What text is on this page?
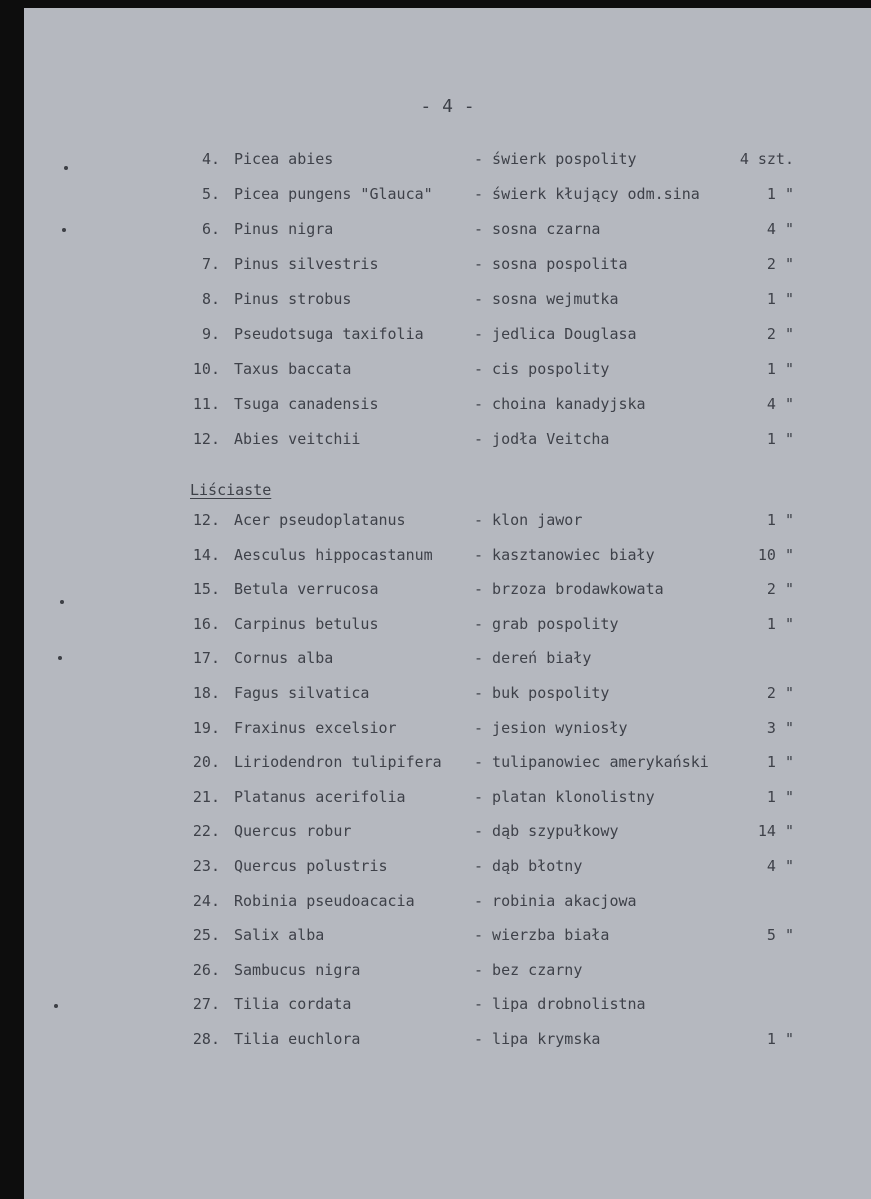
- 4 -
4. Picea abies	- świerk pospolity	4 szt.
5. Picea pungens "Glauca"	- świerk kłujący odm.sina	1 "
6. Pinus nigra	- sosna czarna	4 "
7. Pinus silvestris	- sosna pospolita	2 "
8. Pinus strobus	- sosna wejmutka	1 "
9. Pseudotsuga taxifolia	- jedlica Douglasa	2 "
10. Taxus baccata	- cis pospolity	1 "
11. Tsuga canadensis	- choina kanadyjska	4 "
12. Abies veitchii	- jodła Veitcha	1 "
Liściaste
12. Acer pseudoplatanus	- klon jawor	1 "
14. Aesculus hippocastanum	- kasztanowiec biały	10 "
15. Betula verrucosa	- brzoza brodawkowata	2 "
16. Carpinus betulus	- grab pospolity	1 "
17. Cornus alba	- dereń biały
18. Fagus silvatica	- buk pospolity	2 "
19. Fraxinus excelsior	- jesion wyniosły	3 "
20. Liriodendron tulipifera - tulipanowiec amerykański	1 "
21. Platanus acerifolia	- platan klonolistny	1 "
22. Quercus robur	- dąb szypułkowy	14 "
23. Quercus polustris	- dąb błotny	4 "
24. Robinia pseudoacacia	- robinia akacjowa
25. Salix alba	- wierzba biała	5 "
26. Sambucus nigra	- bez czarny
27. Tilia cordata	- lipa drobnolistna
28. Tilia euchlora	- lipa krymska	1 "
